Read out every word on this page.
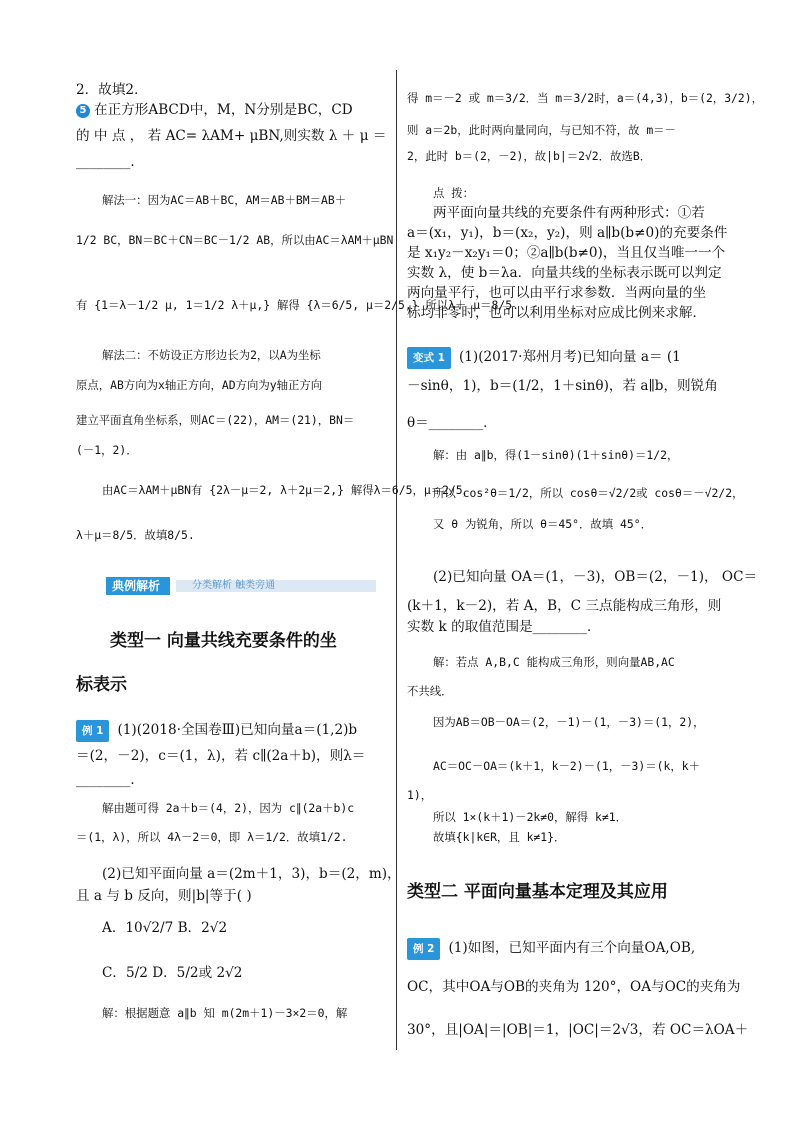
2．故填2．
5 在正方形ABCD中，M，N分别是BC，CD
的 中 点 ， 若 AC= λAM+ μBN,则实数 λ ＋ μ ＝
________．
解法一：因为AC＝AB＋BC，AM＝AB＋BM＝AB＋
1/2 BC，BN＝BC＋CN＝BC－1/2 AB，所以由AC＝λAM＋μBN
有 {1＝λ－1/2 μ, 1＝1/2 λ＋μ,} 解得 {λ＝6/5, μ＝2/5,} 所以λ＋ μ＝8/5.
解法二：不妨设正方形边长为2，以A为坐标
原点，AB方向为x轴正方向，AD方向为y轴正方向
建立平面直角坐标系，则AC＝(22)，AM＝(21)，BN＝
(－1，2)．
由AC＝λAM＋μBN有 {2λ－μ＝2, λ＋2μ＝2,} 解得λ＝6/5，μ＝2/5，
λ＋μ＝8/5．故填8/5.
例 1 (1)(2018·全国卷Ⅲ)已知向量a＝(1,2)b
＝(2，－2)，c＝(1，λ)，若 c∥(2a＋b)，则λ＝
________．
解由题可得 2a＋b＝(4，2)，因为 c∥(2a＋b)c
＝(1，λ)，所以 4λ－2＝0，即 λ＝1/2．故填1/2.
(2)已知平面向量 a＝(2m＋1，3)，b＝(2，m)，
且 a 与 b 反向，则|b|等于( )
A．10√2/7 B．2√2
C．5/2 D．5/2或 2√2
解：根据题意 a∥b 知 m(2m＋1)－3×2＝0，解
典例解析	分类解析 触类旁通
类型一 向量共线充要条件的坐
标表示
得 m＝－2 或 m＝3/2．当 m＝3/2时，a＝(4,3)，b＝(2，3/2)，
则 a＝2b，此时两向量同向，与已知不符，故 m＝－
2，此时 b＝(2，－2)，故|b|＝2√2．故选B．
点 拨：
两平面向量共线的充要条件有两种形式：①若
a＝(x₁，y₁)，b＝(x₂，y₂)，则 a∥b(b≠0)的充要条件
是 x₁y₂－x₂y₁＝0；②a∥b(b≠0)，当且仅当唯一一个
实数 λ，使 b＝λa．向量共线的坐标表示既可以判定
两向量平行，也可以由平行求参数．当两向量的坐
标均非零时，也可以利用坐标对应成比例来求解．
变式 1 (1)(2017·郑州月考)已知向量 a＝ (1
－sinθ，1)，b＝(1/2，1＋sinθ)，若 a∥b，则锐角
θ＝________．
解：由 a∥b，得(1－sinθ)(1＋sinθ)＝1/2，
所以 cos²θ＝1/2，所以 cosθ＝√2/2或 cosθ＝－√2/2，
又 θ 为锐角，所以 θ＝45°．故填 45°．
(2)已知向量 OA＝(1，－3)，OB＝(2，－1)， OC＝
(k＋1，k－2)，若 A，B，C 三点能构成三角形，则
实数 k 的取值范围是________．
解：若点 A,B,C 能构成三角形，则向量AB,AC
不共线．
因为AB＝OB－OA＝(2，－1)－(1，－3)＝(1，2)，
AC＝OC－OA＝(k＋1，k－2)－(1，－3)＝(k，k＋
1)，
所以 1×(k＋1)－2k≠0，解得 k≠1．
故填{k|k∈R，且 k≠1}．
例 2 (1)如图，已知平面内有三个向量OA,OB,
OC，其中OA与OB的夹角为 120°，OA与OC的夹角为
30°，且|OA|＝|OB|＝1，|OC|＝2√3，若 OC＝λOA＋
类型二 平面向量基本定理及其应用
